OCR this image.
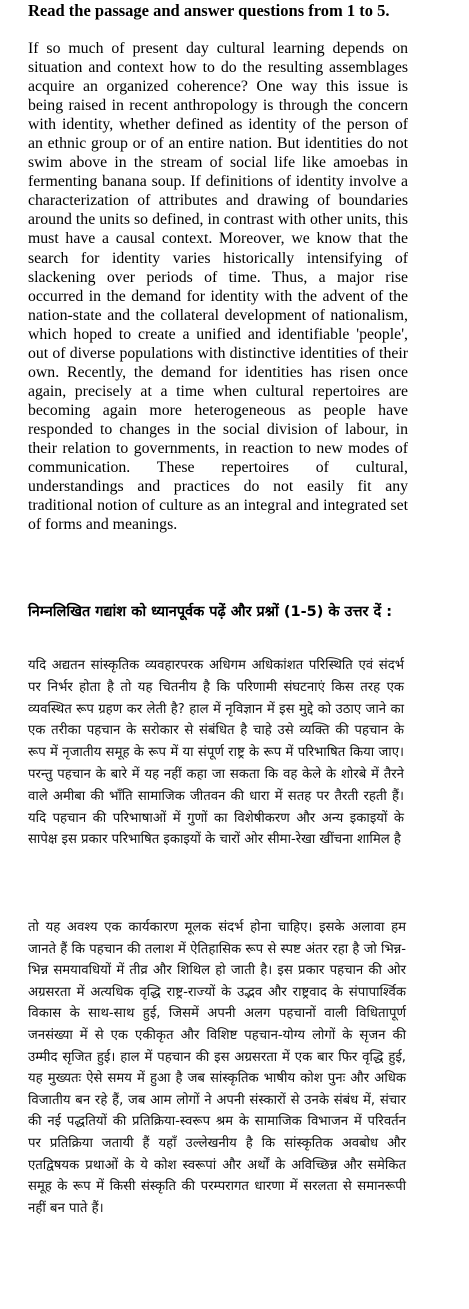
Read the passage and answer questions from 1 to 5.

If so much of present day cultural learning depends on situation and context how to do the resulting assemblages acquire an organized coherence? One way this issue is being raised in recent anthropology is through the concern with identity, whether defined as identity of the person of an ethnic group or of an entire nation. But identities do not swim above in the stream of social life like amoebas in fermenting banana soup. If definitions of identity involve a characterization of attributes and drawing of boundaries around the units so defined, in contrast with other units, this must have a causal context. Moreover, we know that the search for identity varies historically intensifying of slackening over periods of time. Thus, a major rise occurred in the demand for identity with the advent of the nation-state and the collateral development of nationalism, which hoped to create a unified and identifiable 'people', out of diverse populations with distinctive identities of their own. Recently, the demand for identities has risen once again, precisely at a time when cultural repertoires are becoming again more heterogeneous as people have responded to changes in the social division of labour, in their relation to governments, in reaction to new modes of communication. These repertoires of cultural, understandings and practices do not easily fit any traditional notion of culture as an integral and integrated set of forms and meanings.

निम्नलिखित गद्यांश को ध्यानपूर्वक पढ़ें और प्रश्नों (1-5) के उत्तर दें :

यदि अद्यतन सांस्कृतिक व्यवहारपरक अधिगम अधिकांशत परिस्थिति एवं संदर्भ पर निर्भर होता है तो यह चितनीय है कि परिणामी संघटनाएं किस तरह एक व्यवस्थित रूप ग्रहण कर लेती है? हाल में नृविज्ञान में इस मुद्दे को उठाए जाने का एक तरीका पहचान के सरोकार से संबंधित है चाहे उसे व्यक्ति की पहचान के रूप में नृजातीय समूह के रूप में या संपूर्ण राष्ट्र के रूप में परिभाषित किया जाए। परन्तु पहचान के बारे में यह नहीं कहा जा सकता कि वह केले के शोरबे में तैरने वाले अमीबा की भाँति सामाजिक जीतवन की धारा में सतह पर तैरती रहती हैं। यदि पहचान की परिभाषाओं में गुणों का विशेषीकरण और अन्य इकाइयों के सापेक्ष इस प्रकार परिभाषित इकाइयों के चारों ओर सीमा-रेखा खींचना शामिल है

तो यह अवश्य एक कार्यकारण मूलक संदर्भ होना चाहिए। इसके अलावा हम जानते हैं कि पहचान की तलाश में ऐतिहासिक रूप से स्पष्ट अंतर रहा है जो भिन्न-भिन्न समयावधियों में तीव्र और शिथिल हो जाती है। इस प्रकार पहचान की ओर अग्रसरता में अत्यधिक वृद्धि राष्ट्र-राज्यों के उद्भव और राष्ट्रवाद के संपापार्श्विक विकास के साथ-साथ हुई, जिसमें अपनी अलग पहचानों वाली विधितापूर्ण जनसंख्या में से एक एकीकृत और विशिष्ट पहचान-योग्य लोगों के सृजन की उम्मीद सृजित हुई। हाल में पहचान की इस अग्रसरता में एक बार फिर वृद्धि हुई, यह मुख्यतः ऐसे समय में हुआ है जब सांस्कृतिक भाषीय कोश पुनः और अधिक विजातीय बन रहे हैं, जब आम लोगों ने अपनी संस्कारों से उनके संबंध में, संचार की नई पद्धतियों की प्रतिक्रिया-स्वरूप श्रम के सामाजिक विभाजन में परिवर्तन पर प्रतिक्रिया जतायी हैं यहाँ उल्लेखनीय है कि सांस्कृतिक अवबोध और एतद्विषयक प्रथाओं के ये कोश स्वरूपां और अर्थों के अविच्छिन्न और समेकित समूह के रूप में किसी संस्कृति की परम्परागत धारणा में सरलता से समानरूपी नहीं बन पाते हैं।
